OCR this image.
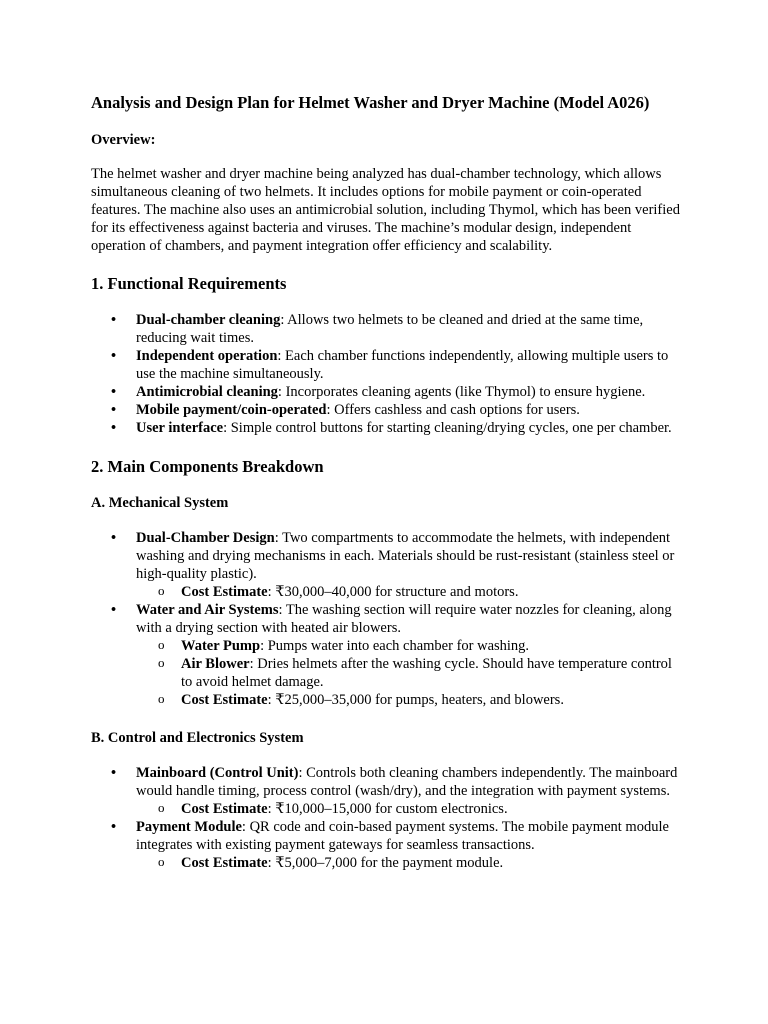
Analysis and Design Plan for Helmet Washer and Dryer Machine (Model A026)
Overview:

The helmet washer and dryer machine being analyzed has dual-chamber technology, which allows simultaneous cleaning of two helmets. It includes options for mobile payment or coin-operated features. The machine also uses an antimicrobial solution, including Thymol, which has been verified for its effectiveness against bacteria and viruses. The machine’s modular design, independent operation of chambers, and payment integration offer efficiency and scalability.

1. Functional Requirements
• Dual-chamber cleaning: Allows two helmets to be cleaned and dried at the same time, reducing wait times.
• Independent operation: Each chamber functions independently, allowing multiple users to use the machine simultaneously.
• Antimicrobial cleaning: Incorporates cleaning agents (like Thymol) to ensure hygiene.
• Mobile payment/coin-operated: Offers cashless and cash options for users.
• User interface: Simple control buttons for starting cleaning/drying cycles, one per chamber.
2. Main Components Breakdown
A. Mechanical System
• Dual-Chamber Design: Two compartments to accommodate the helmets, with independent washing and drying mechanisms in each. Materials should be rust-resistant (stainless steel or high-quality plastic).
o Cost Estimate: ₹30,000–40,000 for structure and motors.
• Water and Air Systems: The washing section will require water nozzles for cleaning, along with a drying section with heated air blowers.
o Water Pump: Pumps water into each chamber for washing.
o Air Blower: Dries helmets after the washing cycle. Should have temperature control to avoid helmet damage.
o Cost Estimate: ₹25,000–35,000 for pumps, heaters, and blowers.
B. Control and Electronics System
• Mainboard (Control Unit): Controls both cleaning chambers independently. The mainboard would handle timing, process control (wash/dry), and the integration with payment systems.
o Cost Estimate: ₹10,000–15,000 for custom electronics.
• Payment Module: QR code and coin-based payment systems. The mobile payment module integrates with existing payment gateways for seamless transactions.
o Cost Estimate: ₹5,000–7,000 for the payment module.
